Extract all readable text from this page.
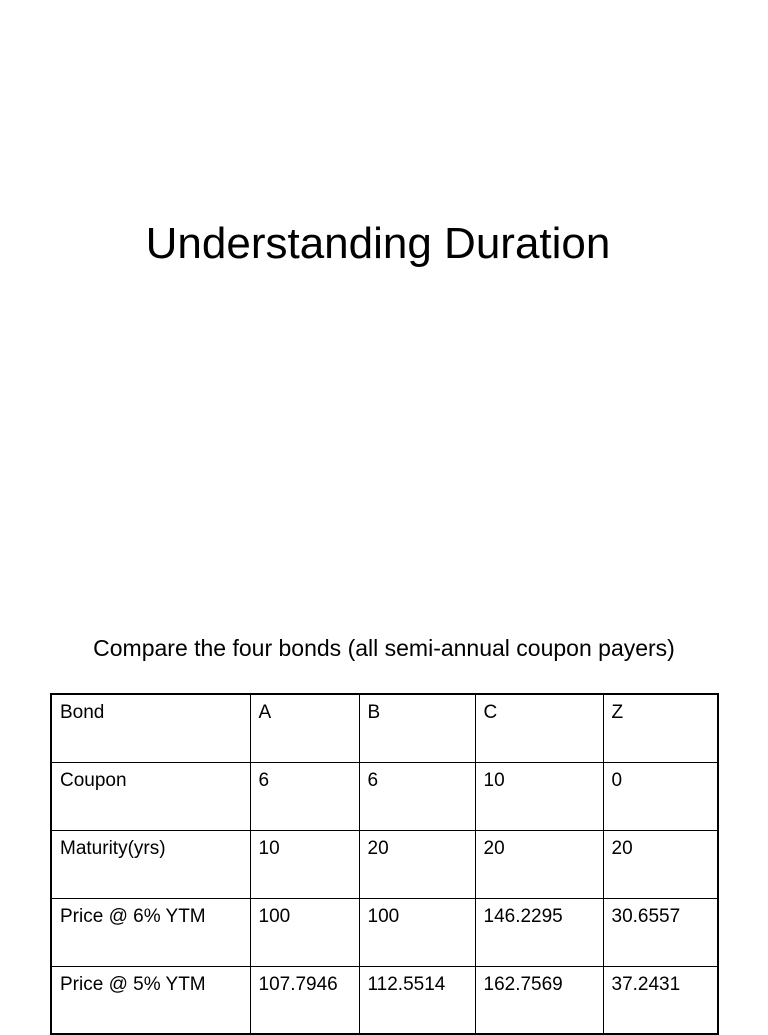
Understanding Duration
Compare the four bonds (all semi-annual coupon payers)
Bond	A	B	C	Z
Coupon	6	6	10	0
Maturity(yrs)	10	20	20	20
Price @ 6% YTM	100	100	146.2295	30.6557
Price @ 5% YTM	107.7946	112.5514	162.7569	37.2431
